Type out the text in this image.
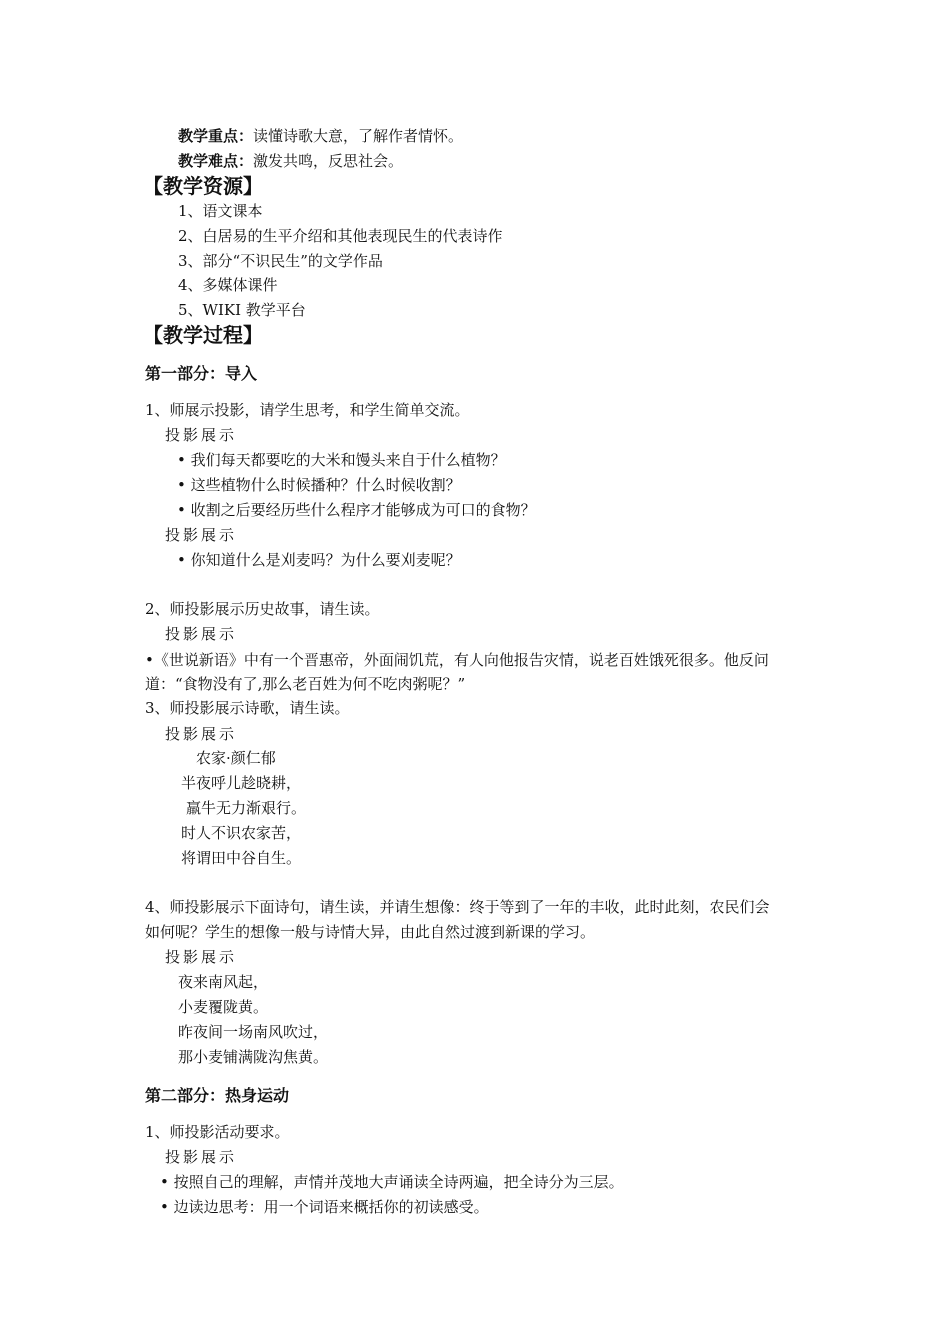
教学重点：读懂诗歌大意，了解作者情怀。
教学难点：激发共鸣，反思社会。
【教学资源】
1、语文课本
2、白居易的生平介绍和其他表现民生的代表诗作
3、部分“不识民生”的文学作品
4、多媒体课件
5、WIKI 教学平台
【教学过程】
第一部分：导入
1、师展示投影，请学生思考，和学生简单交流。
投影展示
• 我们每天都要吃的大米和馒头来自于什么植物？
• 这些植物什么时候播种？什么时候收割？
• 收割之后要经历些什么程序才能够成为可口的食物？
投影展示
• 你知道什么是刈麦吗？为什么要刈麦呢？
2、师投影展示历史故事，请生读。
投影展示
•《世说新语》中有一个晋惠帝，外面闹饥荒，有人向他报告灾情，说老百姓饿死很多。他反问
道：“食物没有了,那么老百姓为何不吃肉粥呢？”
3、师投影展示诗歌，请生读。
投影展示
农家·颜仁郁
半夜呼儿趁晓耕，
羸牛无力渐艰行。
时人不识农家苦，
将谓田中谷自生。
4、师投影展示下面诗句，请生读，并请生想像：终于等到了一年的丰收，此时此刻，农民们会
如何呢？学生的想像一般与诗情大异，由此自然过渡到新课的学习。
投影展示
夜来南风起，
小麦覆陇黄。
昨夜间一场南风吹过，
那小麦铺满陇沟焦黄。
第二部分：热身运动
1、师投影活动要求。
投影展示
• 按照自己的理解，声情并茂地大声诵读全诗两遍，把全诗分为三层。
• 边读边思考：用一个词语来概括你的初读感受。
